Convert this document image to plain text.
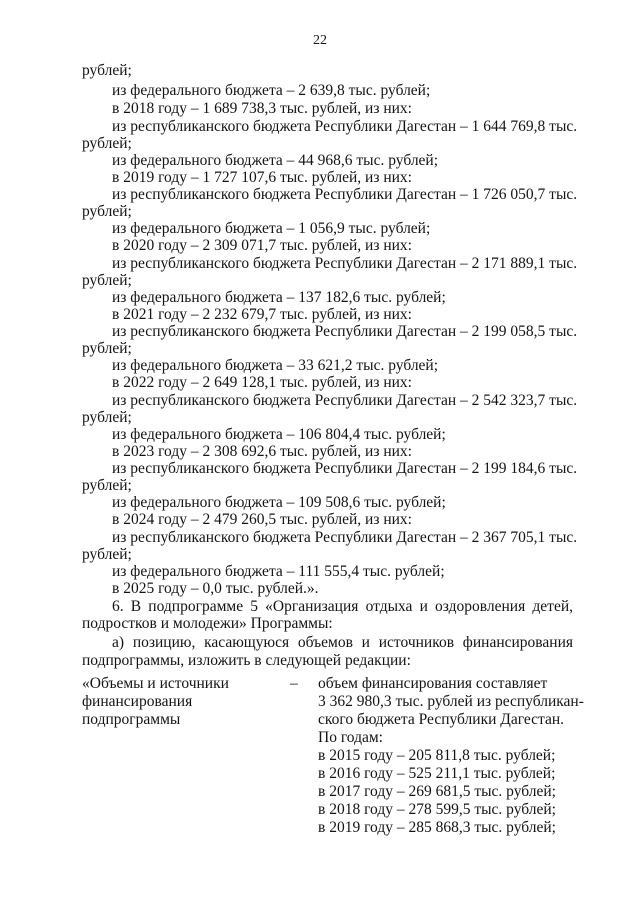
22
рублей;
из федерального бюджета – 2 639,8 тыс. рублей;
в 2018 году – 1 689 738,3 тыс. рублей, из них:
из республиканского бюджета Республики Дагестан – 1 644 769,8 тыс.
рублей;
из федерального бюджета – 44 968,6 тыс. рублей;
в 2019 году – 1 727 107,6 тыс. рублей, из них:
из республиканского бюджета Республики Дагестан – 1 726 050,7 тыс.
рублей;
из федерального бюджета – 1 056,9 тыс. рублей;
в 2020 году – 2 309 071,7 тыс. рублей, из них:
из республиканского бюджета Республики Дагестан – 2 171 889,1 тыс.
рублей;
из федерального бюджета – 137 182,6 тыс. рублей;
в 2021 году – 2 232 679,7 тыс. рублей, из них:
из республиканского бюджета Республики Дагестан – 2 199 058,5 тыс.
рублей;
из федерального бюджета – 33 621,2 тыс. рублей;
в 2022 году – 2 649 128,1 тыс. рублей, из них:
из республиканского бюджета Республики Дагестан – 2 542 323,7 тыс.
рублей;
из федерального бюджета – 106 804,4 тыс. рублей;
в 2023 году – 2 308 692,6 тыс. рублей, из них:
из республиканского бюджета Республики Дагестан – 2 199 184,6 тыс.
рублей;
из федерального бюджета – 109 508,6 тыс. рублей;
в 2024 году – 2 479 260,5 тыс. рублей, из них:
из республиканского бюджета Республики Дагестан – 2 367 705,1 тыс.
рублей;
из федерального бюджета – 111 555,4 тыс. рублей;
в 2025 году – 0,0 тыс. рублей.».
6. В подпрограмме 5 «Организация отдыха и оздоровления детей,
подростков и молодежи» Программы:
а) позицию, касающуюся объемов и источников финансирования
подпрограммы, изложить в следующей редакции:
«Объемы и источники
финансирования
подпрограммы
– объем финансирования составляет
3 362 980,3 тыс. рублей из республикан-
ского бюджета Республики Дагестан.
По годам:
в 2015 году – 205 811,8 тыс. рублей;
в 2016 году – 525 211,1 тыс. рублей;
в 2017 году – 269 681,5 тыс. рублей;
в 2018 году – 278 599,5 тыс. рублей;
в 2019 году – 285 868,3 тыс. рублей;
